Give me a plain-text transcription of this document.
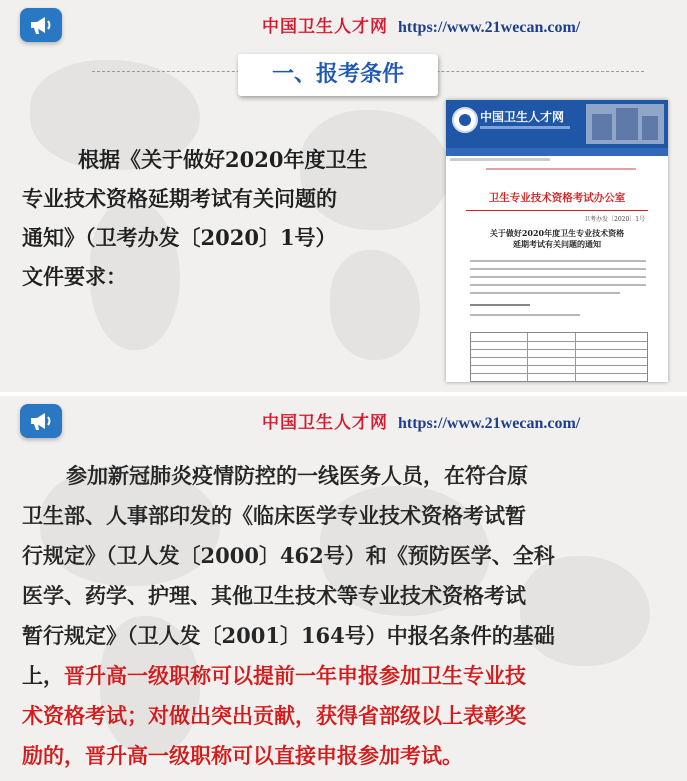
中国卫生人才网 https://www.21wecan.com/
一、报考条件

根据《关于做好2020年度卫生

专业技术资格延期考试有关问题的

通知》（卫考办发〔2020〕1号）

文件要求：

中国卫生人才网
卫生专业技术资格考试办公室
卫考办发〔2020〕1号
关于做好2020年度卫生专业技术资格
延期考试有关问题的通知
中国卫生人才网 https://www.21wecan.com/

参加新冠肺炎疫情防控的一线医务人员，在符合原

卫生部、人事部印发的《临床医学专业技术资格考试暂

行规定》（卫人发〔2000〕462号）和《预防医学、全科

医学、药学、护理、其他卫生技术等专业技术资格考试

暂行规定》（卫人发〔2001〕164号）中报名条件的基础

上，晋升高一级职称可以提前一年申报参加卫生专业技

术资格考试；对做出突出贡献，获得省部级以上表彰奖

励的，晋升高一级职称可以直接申报参加考试。
